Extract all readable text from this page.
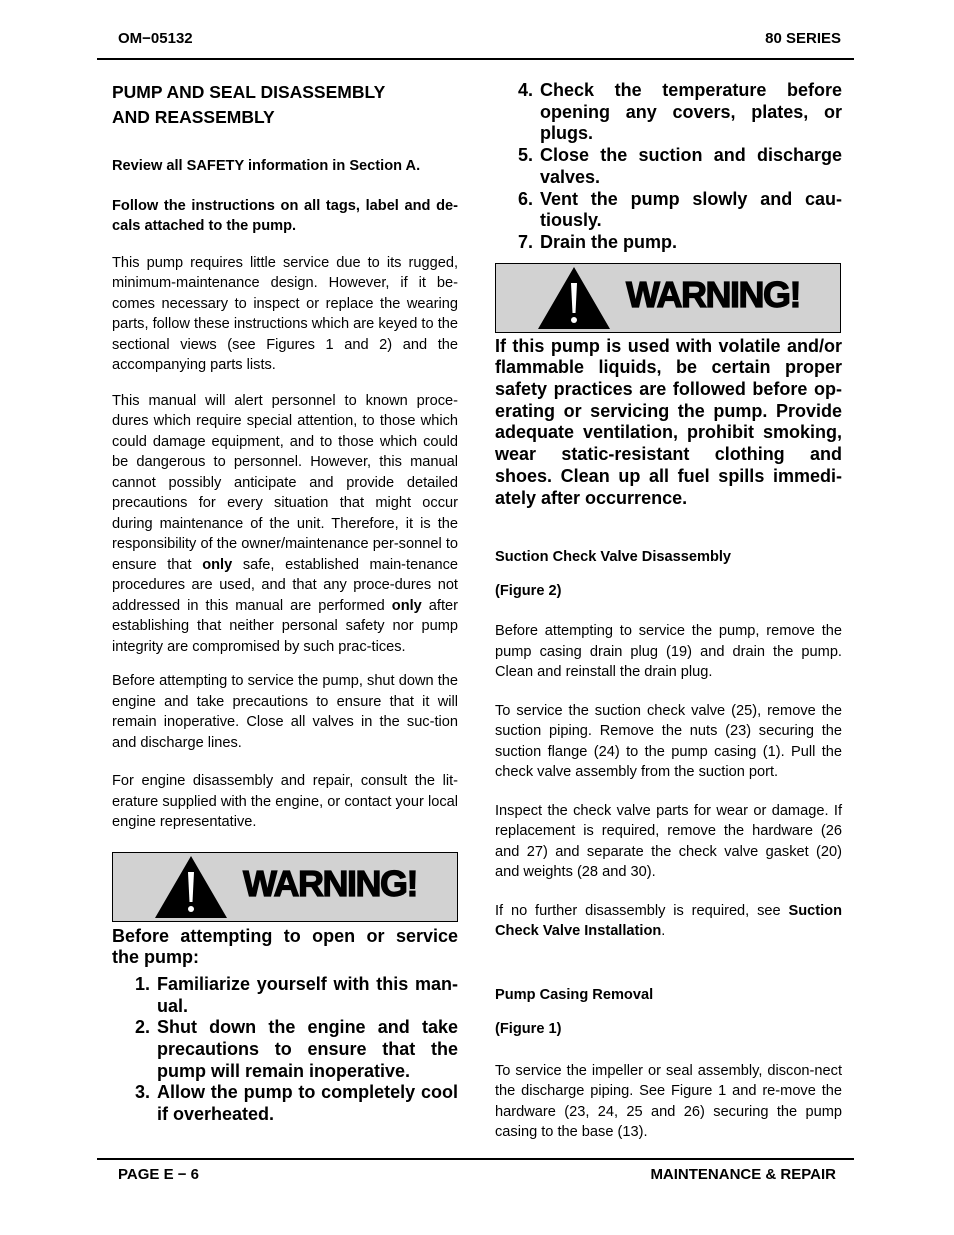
OM−05132	80 SERIES

PUMP AND SEAL DISASSEMBLY

AND REASSEMBLY

Review all SAFETY information in Section A.

Follow the instructions on all tags, label and de-cals attached to the pump.

This pump requires little service due to its rugged, minimum-maintenance design. However, if it be-comes necessary to inspect or replace the wearing parts, follow these instructions which are keyed to the sectional views (see Figures 1 and 2) and the accompanying parts lists.

This manual will alert personnel to known proce-dures which require special attention, to those which could damage equipment, and to those which could be dangerous to personnel. However, this manual cannot possibly anticipate and provide detailed precautions for every situation that might occur during maintenance of the unit. Therefore, it is the responsibility of the owner/maintenance per-sonnel to ensure that only safe, established main-tenance procedures are used, and that any proce-dures not addressed in this manual are performed only after establishing that neither personal safety nor pump integrity are compromised by such prac-tices.

Before attempting to service the pump, shut down the engine and take precautions to ensure that it will remain inoperative. Close all valves in the suc-tion and discharge lines.

For engine disassembly and repair, consult the lit-erature supplied with the engine, or contact your local engine representative.

WARNING!

Before attempting to open or service the pump:

1. Familiarize yourself with this man-ual.
2. Shut down the engine and take precautions to ensure that the pump will remain inoperative.
3. Allow the pump to completely cool if overheated.
4. Check the temperature before opening any covers, plates, or plugs.
5. Close the suction and discharge valves.
6. Vent the pump slowly and cau-tiously.
7. Drain the pump.
WARNING!

If this pump is used with volatile and/or flammable liquids, be certain proper safety practices are followed before op-erating or servicing the pump. Provide adequate ventilation, prohibit smoking, wear static-resistant clothing and shoes. Clean up all fuel spills immedi-ately after occurrence.

Suction Check Valve Disassembly

(Figure 2)

Before attempting to service the pump, remove the pump casing drain plug (19) and drain the pump. Clean and reinstall the drain plug.

To service the suction check valve (25), remove the suction piping. Remove the nuts (23) securing the suction flange (24) to the pump casing (1). Pull the check valve assembly from the suction port.

Inspect the check valve parts for wear or damage. If replacement is required, remove the hardware (26 and 27) and separate the check valve gasket (20) and weights (28 and 30).

If no further disassembly is required, see Suction Check Valve Installation.

Pump Casing Removal

(Figure 1)

To service the impeller or seal assembly, discon-nect the discharge piping. See Figure 1 and re-move the hardware (23, 24, 25 and 26) securing the pump casing to the base (13).

PAGE E − 6	MAINTENANCE & REPAIR
